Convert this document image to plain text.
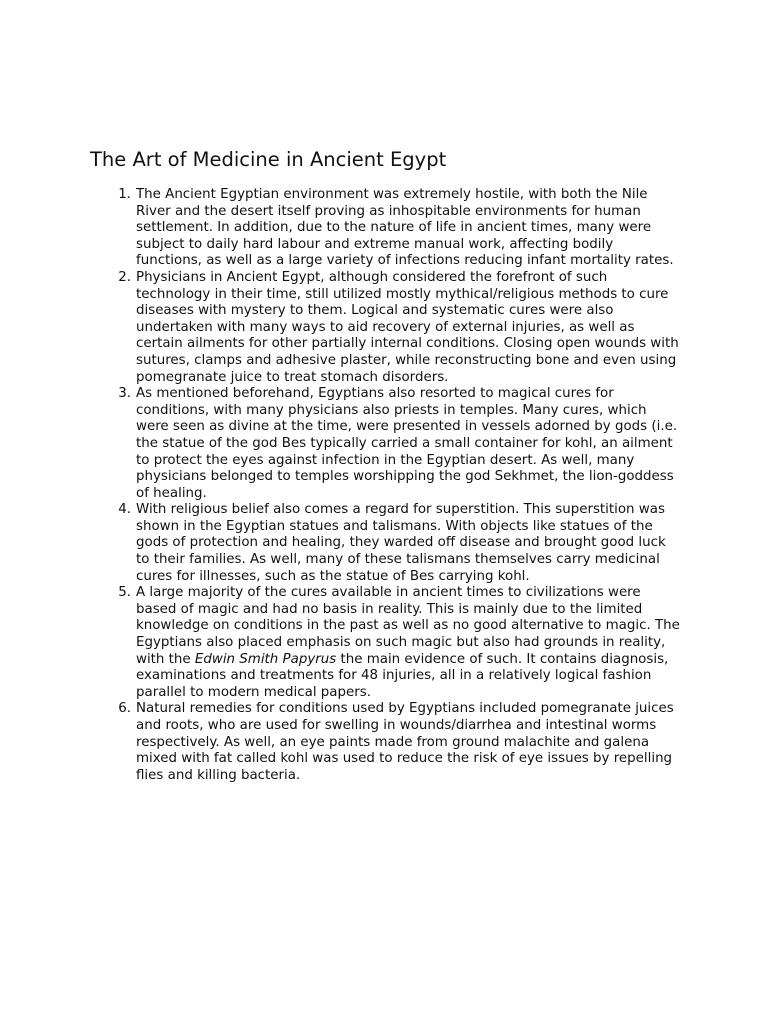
The Art of Medicine in Ancient Egypt
1. The Ancient Egyptian environment was extremely hostile, with both the Nile River and the desert itself proving as inhospitable environments for human settlement. In addition, due to the nature of life in ancient times, many were subject to daily hard labour and extreme manual work, affecting bodily functions, as well as a large variety of infections reducing infant mortality rates.
2. Physicians in Ancient Egypt, although considered the forefront of such technology in their time, still utilized mostly mythical/religious methods to cure diseases with mystery to them. Logical and systematic cures were also undertaken with many ways to aid recovery of external injuries, as well as certain ailments for other partially internal conditions. Closing open wounds with sutures, clamps and adhesive plaster, while reconstructing bone and even using pomegranate juice to treat stomach disorders.
3. As mentioned beforehand, Egyptians also resorted to magical cures for conditions, with many physicians also priests in temples. Many cures, which were seen as divine at the time, were presented in vessels adorned by gods (i.e. the statue of the god Bes typically carried a small container for kohl, an ailment to protect the eyes against infection in the Egyptian desert. As well, many physicians belonged to temples worshipping the god Sekhmet, the lion-goddess of healing.
4. With religious belief also comes a regard for superstition. This superstition was shown in the Egyptian statues and talismans. With objects like statues of the gods of protection and healing, they warded off disease and brought good luck to their families. As well, many of these talismans themselves carry medicinal cures for illnesses, such as the statue of Bes carrying kohl.
5. A large majority of the cures available in ancient times to civilizations were based of magic and had no basis in reality. This is mainly due to the limited knowledge on conditions in the past as well as no good alternative to magic. The Egyptians also placed emphasis on such magic but also had grounds in reality, with the Edwin Smith Papyrus the main evidence of such. It contains diagnosis, examinations and treatments for 48 injuries, all in a relatively logical fashion parallel to modern medical papers.
6. Natural remedies for conditions used by Egyptians included pomegranate juices and roots, who are used for swelling in wounds/diarrhea and intestinal worms respectively. As well, an eye paints made from ground malachite and galena mixed with fat called kohl was used to reduce the risk of eye issues by repelling flies and killing bacteria.
